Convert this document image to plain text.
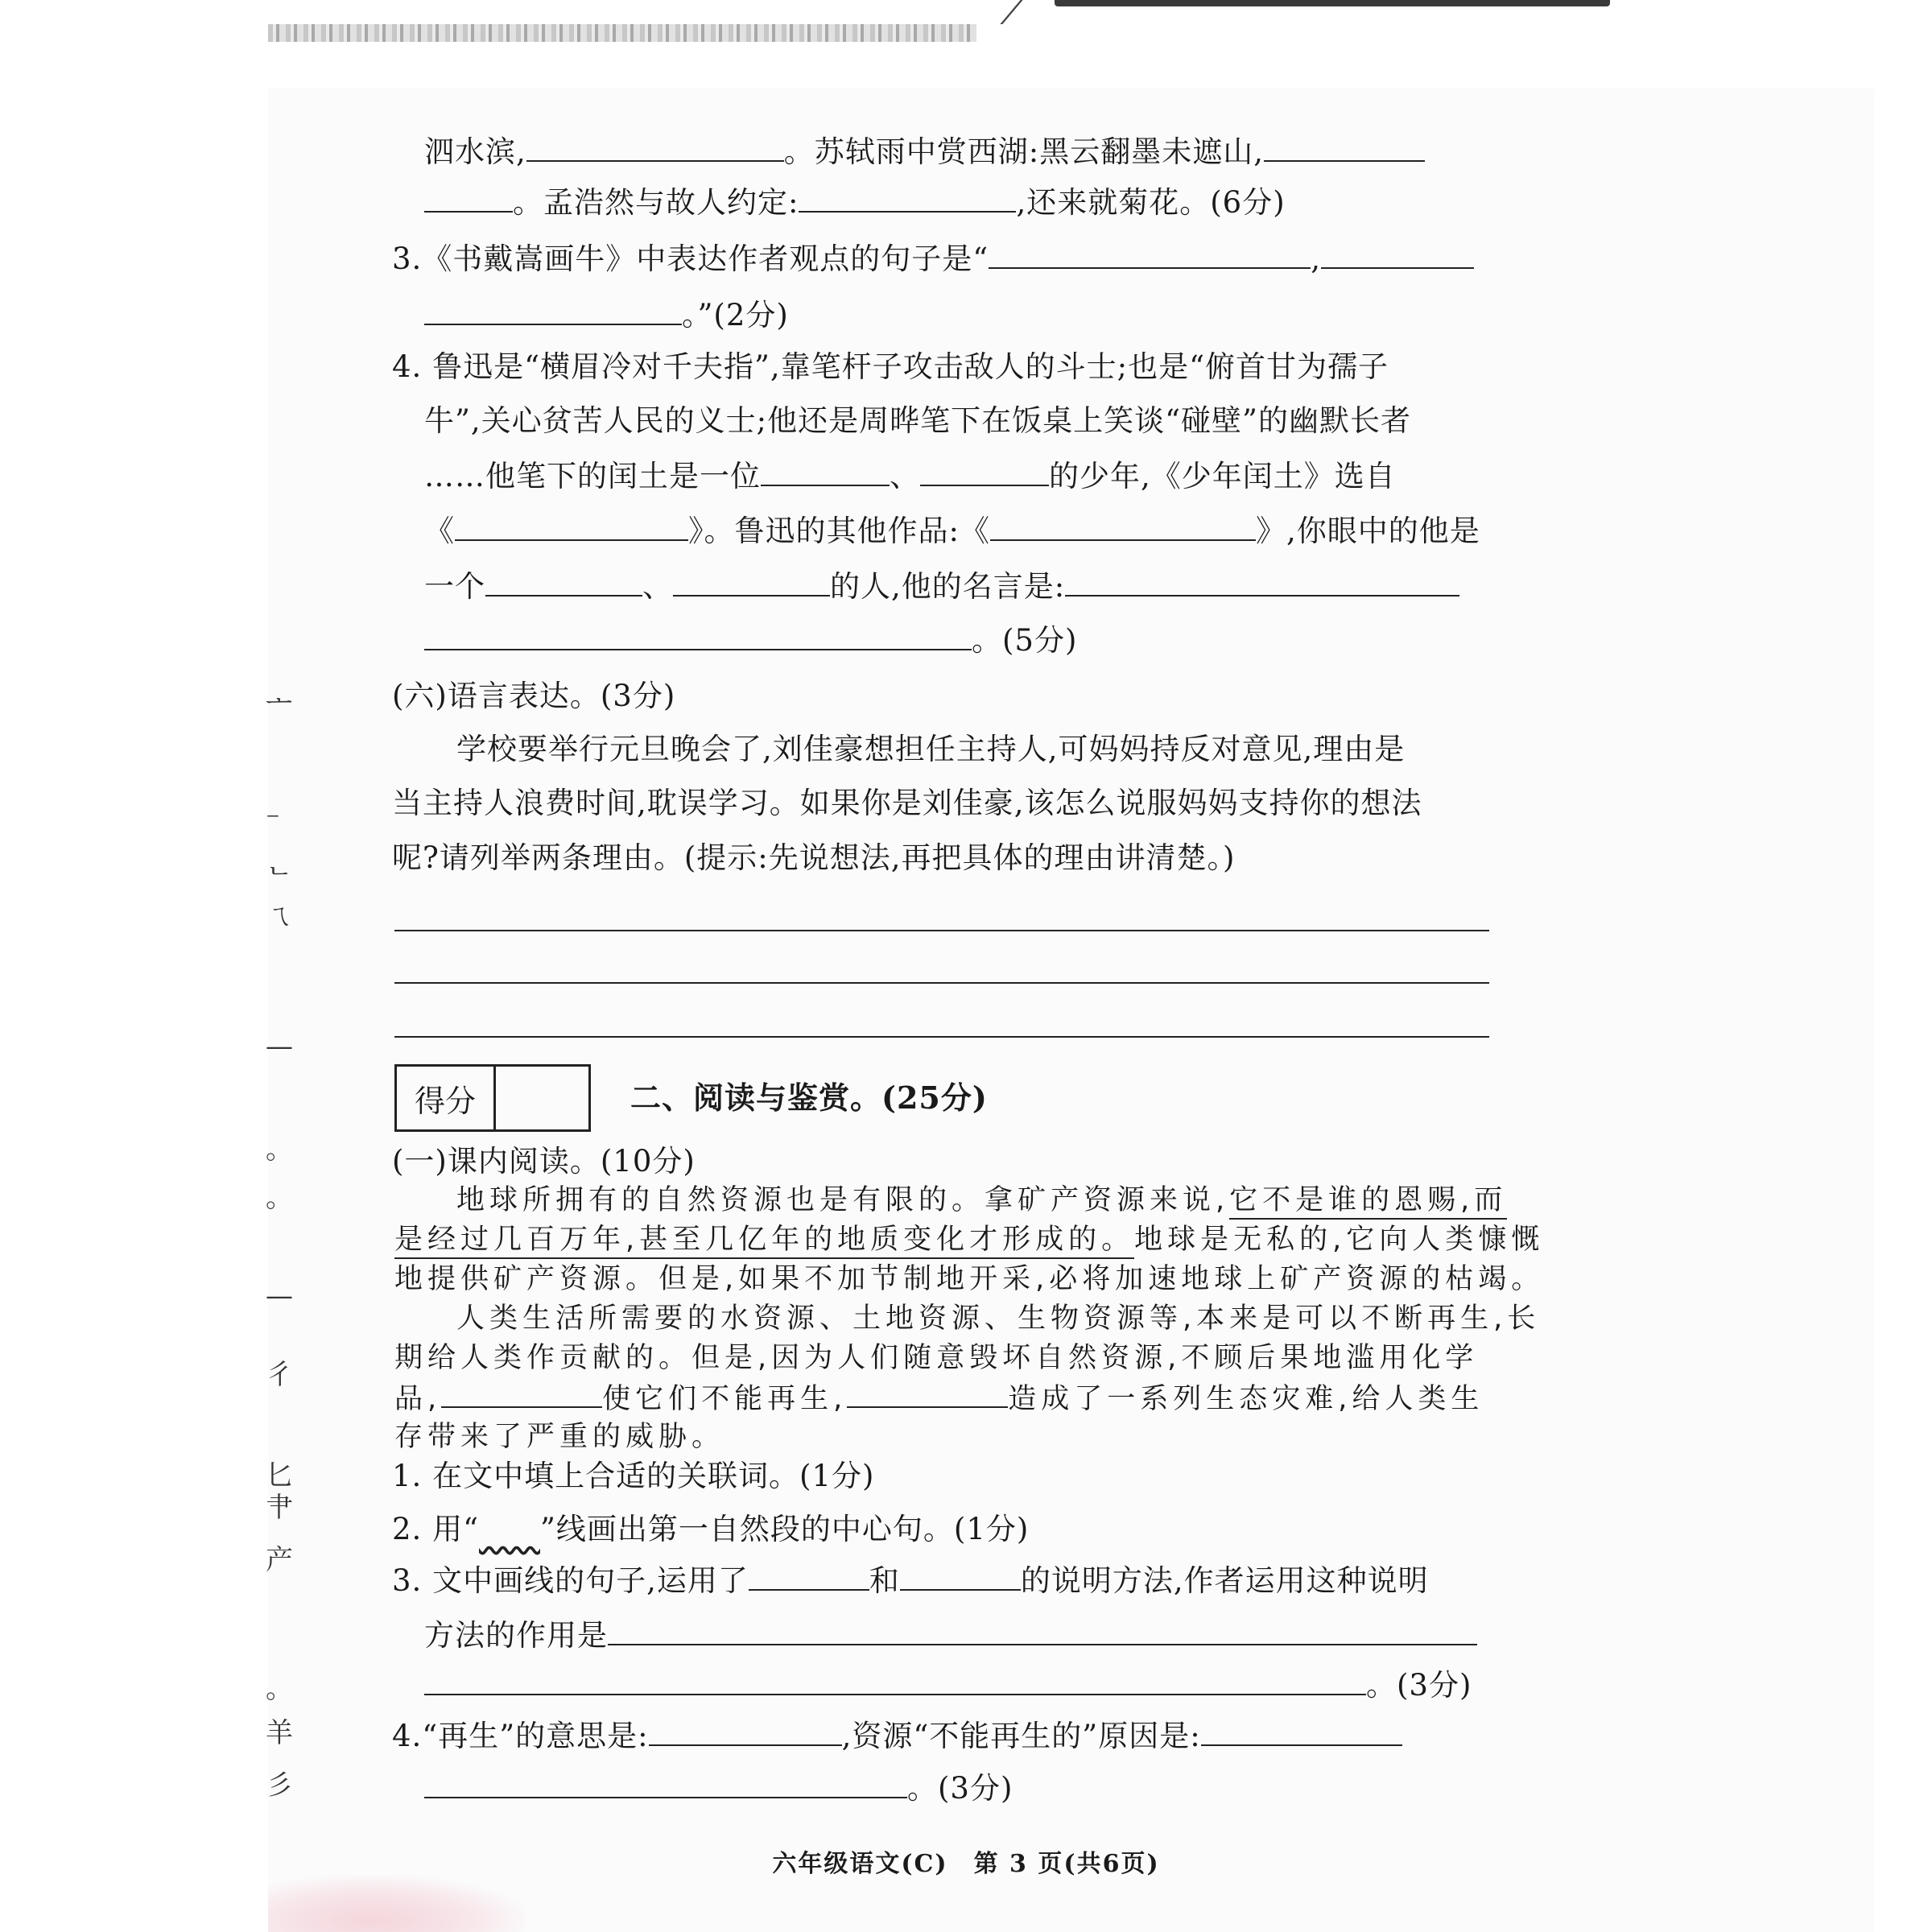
ᅩ
⁻
ᄂ
ㄟ
—
。
。
—
彳
匕
肀
产
。
羊
彡
泗水滨,	。苏轼雨中赏西湖:黑云翻墨未遮山,
。孟浩然与故人约定:	,还来就菊花。(6分)
3.《书戴嵩画牛》中表达作者观点的句子是“	,
。”(2分)
4. 鲁迅是“横眉冷对千夫指”,靠笔杆子攻击敌人的斗士;也是“俯首甘为孺子
牛”,关心贫苦人民的义士;他还是周晔笔下在饭桌上笑谈“碰壁”的幽默长者
……他笔下的闰土是一位	、	的少年,《少年闰土》选自
《	》。鲁迅的其他作品:《	》,你眼中的他是
一个	、	的人,他的名言是:
。(5分)
(六)语言表达。(3分)
学校要举行元旦晚会了,刘佳豪想担任主持人,可妈妈持反对意见,理由是
当主持人浪费时间,耽误学习。如果你是刘佳豪,该怎么说服妈妈支持你的想法
呢?请列举两条理由。(提示:先说想法,再把具体的理由讲清楚。)
得分	二、阅读与鉴赏。(25分)
(一)课内阅读。(10分)
地球所拥有的自然资源也是有限的。拿矿产资源来说,它不是谁的恩赐,而
是经过几百万年,甚至几亿年的地质变化才形成的。地球是无私的,它向人类慷慨
地提供矿产资源。但是,如果不加节制地开采,必将加速地球上矿产资源的枯竭。
人类生活所需要的水资源、土地资源、生物资源等,本来是可以不断再生,长
期给人类作贡献的。但是,因为人们随意毁坏自然资源,不顾后果地滥用化学
品,	使它们不能再生,	造成了一系列生态灾难,给人类生
存带来了严重的威胁。
1. 在文中填上合适的关联词。(1分)
2. 用“　　 ”线画出第一自然段的中心句。(1分)
3. 文中画线的句子,运用了	和	的说明方法,作者运用这种说明
方法的作用是
。(3分)
4.“再生”的意思是:	,资源“不能再生的”原因是:
。(3分)
六年级语文(C)　第 3 页(共6页)
